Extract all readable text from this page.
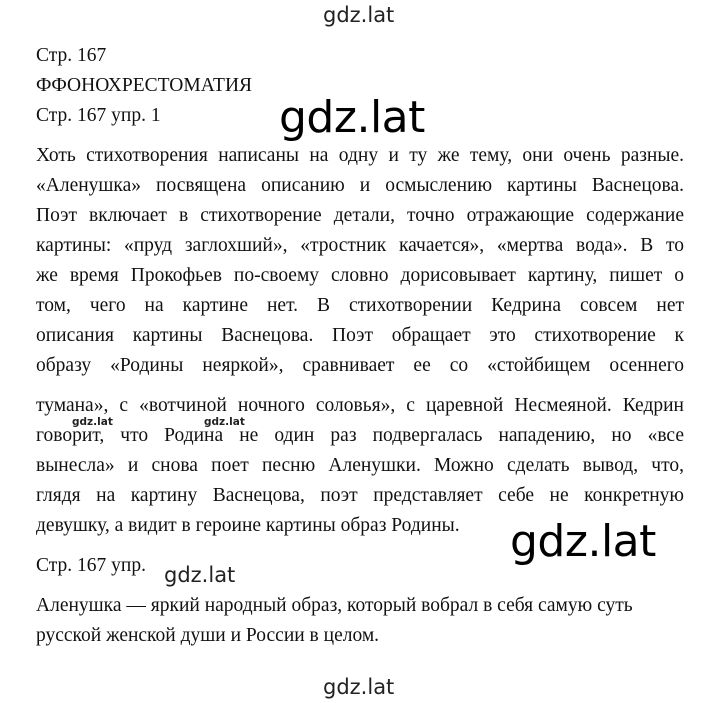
gdz.lat
gdz.lat
gdz.lat
gdz.lat
gdz.lat	gdz.lat
gdz.lat
Стр. 167
ФФОНОХРЕСТОМАТИЯ
Стр. 167 упр. 1
Хоть стихотворения написаны на одну и ту же тему, они очень разные.
«Аленушка» посвящена описанию и осмыслению картины Васнецова.
Поэт включает в стихотворение детали, точно отражающие содержание
картины: «пруд заглохший», «тростник качается», «мертва вода». В то
же время Прокофьев по-своему словно дорисовывает картину, пишет о
том, чего на картине нет. В стихотворении Кедрина совсем нет
описания картины Васнецова. Поэт обращает это стихотворение к
образу «Родины неяркой», сравнивает ее со «стойбищем осеннего
тумана», с «вотчиной ночного соловья», с царевной Несмеяной. Кедрин
говорит, что Родина не один раз подвергалась нападению, но «все
вынесла» и снова поет песню Аленушки. Можно сделать вывод, что,
глядя на картину Васнецова, поэт представляет себе не конкретную
девушку, а видит в героине картины образ Родины.
Стр. 167 упр.
Аленушка — яркий народный образ, который вобрал в себя самую суть
русской женской души и России в целом.
